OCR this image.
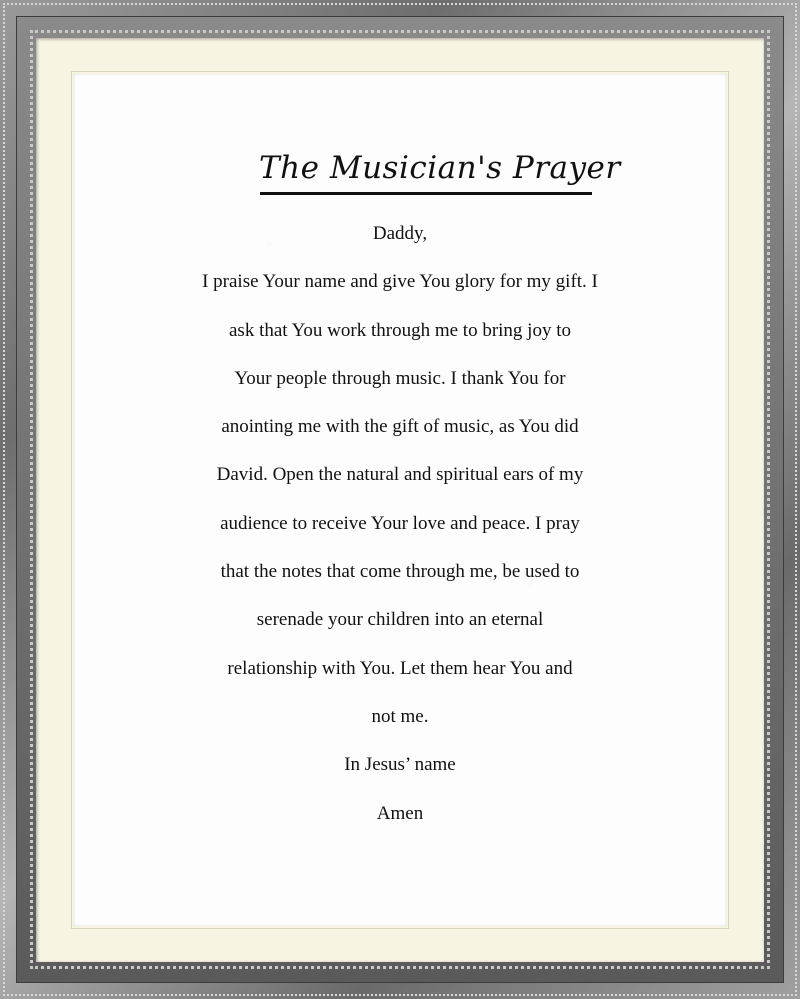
The Musician's Prayer
Daddy,
I praise Your name and give You glory for my gift. I
ask that You work through me to bring joy to
Your people through music. I thank You for
anointing me with the gift of music, as You did
David. Open the natural and spiritual ears of my
audience to receive Your love and peace. I pray
that the notes that come through me, be used to
serenade your children into an eternal
relationship with You. Let them hear You and
not me.
In Jesus’ name
Amen
